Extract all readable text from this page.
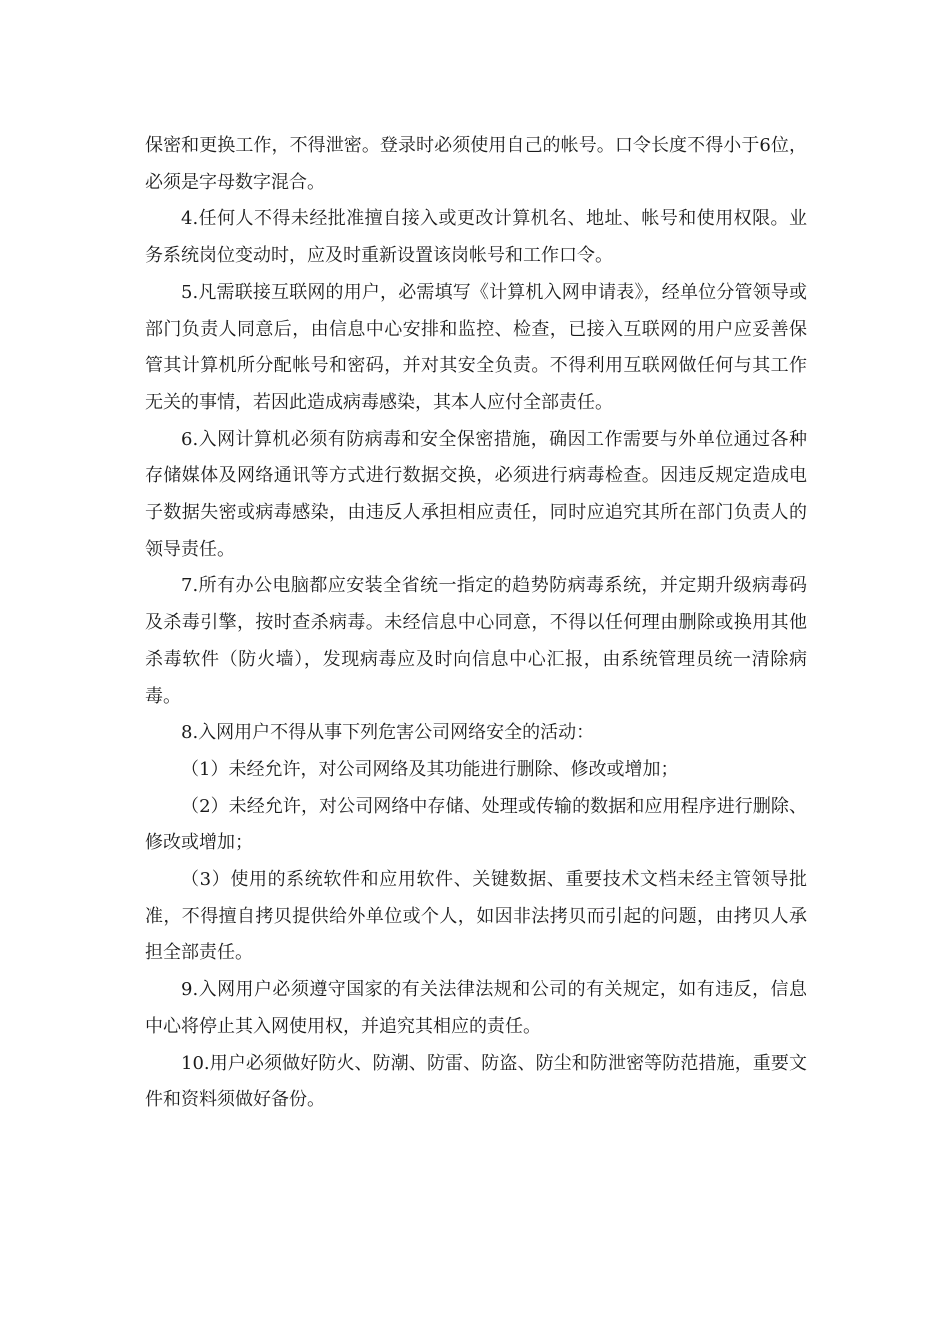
保密和更换工作，不得泄密。登录时必须使用自己的帐号。口令长度不得小于6位，必须是字母数字混合。

4.任何人不得未经批准擅自接入或更改计算机名、地址、帐号和使用权限。业务系统岗位变动时，应及时重新设置该岗帐号和工作口令。

5.凡需联接互联网的用户，必需填写《计算机入网申请表》，经单位分管领导或部门负责人同意后，由信息中心安排和监控、检查，已接入互联网的用户应妥善保管其计算机所分配帐号和密码，并对其安全负责。不得利用互联网做任何与其工作无关的事情，若因此造成病毒感染，其本人应付全部责任。

6.入网计算机必须有防病毒和安全保密措施，确因工作需要与外单位通过各种存储媒体及网络通讯等方式进行数据交换，必须进行病毒检查。因违反规定造成电子数据失密或病毒感染，由违反人承担相应责任，同时应追究其所在部门负责人的领导责任。

7.所有办公电脑都应安装全省统一指定的趋势防病毒系统，并定期升级病毒码及杀毒引擎，按时查杀病毒。未经信息中心同意，不得以任何理由删除或换用其他杀毒软件（防火墙），发现病毒应及时向信息中心汇报，由系统管理员统一清除病毒。

8.入网用户不得从事下列危害公司网络安全的活动：

（1）未经允许，对公司网络及其功能进行删除、修改或增加；

（2）未经允许，对公司网络中存储、处理或传输的数据和应用程序进行删除、修改或增加；

（3）使用的系统软件和应用软件、关键数据、重要技术文档未经主管领导批准，不得擅自拷贝提供给外单位或个人，如因非法拷贝而引起的问题，由拷贝人承担全部责任。

9.入网用户必须遵守国家的有关法律法规和公司的有关规定，如有违反，信息中心将停止其入网使用权，并追究其相应的责任。

10.用户必须做好防火、防潮、防雷、防盗、防尘和防泄密等防范措施，重要文件和资料须做好备份。
